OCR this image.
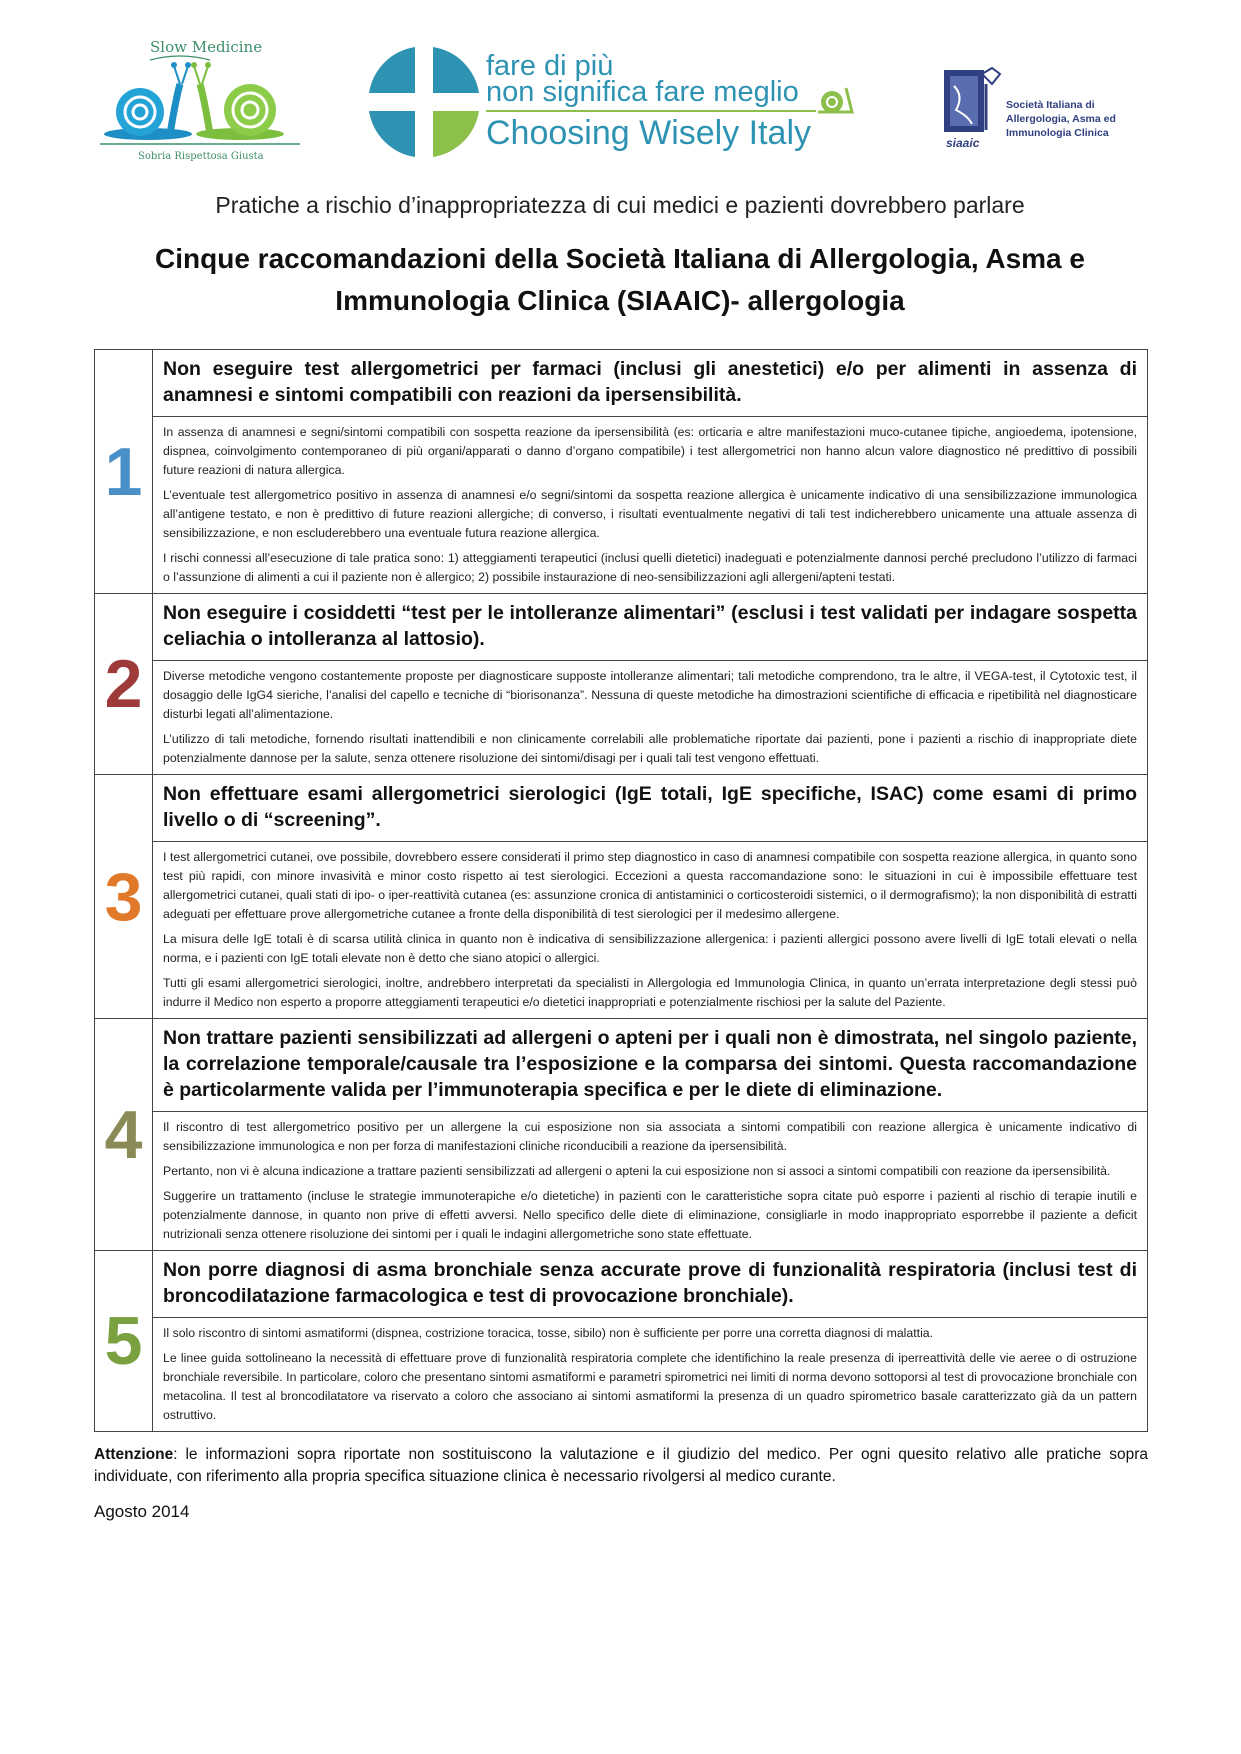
Slow Medicine
Sobria Rispettosa Giusta
fare di più
non significa fare meglio
Choosing Wisely Italy
Società Italiana di Allergologia, Asma ed Immunologia Clinica
siaaic
Pratiche a rischio d’inappropriatezza di cui medici e pazienti dovrebbero parlare
Cinque raccomandazioni della Società Italiana di Allergologia, Asma e Immunologia Clinica (SIAAIC)- allergologia
1
Non eseguire test allergometrici per farmaci (inclusi gli anestetici) e/o per alimenti in assenza di anamnesi e sintomi compatibili con reazioni da ipersensibilità.

In assenza di anamnesi e segni/sintomi compatibili con sospetta reazione da ipersensibilità (es: orticaria e altre manifestazioni muco-cutanee tipiche, angioedema, ipotensione, dispnea, coinvolgimento contemporaneo di più organi/apparati o danno d’organo compatibile) i test allergometrici non hanno alcun valore diagnostico né predittivo di possibili future reazioni di natura allergica.

L’eventuale test allergometrico positivo in assenza di anamnesi e/o segni/sintomi da sospetta reazione allergica è unicamente indicativo di una sensibilizzazione immunologica all’antigene testato, e non è predittivo di future reazioni allergiche; di converso, i risultati eventualmente negativi di tali test indicherebbero unicamente una attuale assenza di sensibilizzazione, e non escluderebbero una eventuale futura reazione allergica.

I rischi connessi all’esecuzione di tale pratica sono: 1) atteggiamenti terapeutici (inclusi quelli dietetici) inadeguati e potenzialmente dannosi perché precludono l’utilizzo di farmaci o l’assunzione di alimenti a cui il paziente non è allergico; 2) possibile instaurazione di neo-sensibilizzazioni agli allergeni/apteni testati.

2
Non eseguire i cosiddetti “test per le intolleranze alimentari” (esclusi i test validati per indagare sospetta celiachia o intolleranza al lattosio).

Diverse metodiche vengono costantemente proposte per diagnosticare supposte intolleranze alimentari; tali metodiche comprendono, tra le altre, il VEGA-test, il Cytotoxic test, il dosaggio delle IgG4 sieriche, l’analisi del capello e tecniche di “biorisonanza”. Nessuna di queste metodiche ha dimostrazioni scientifiche di efficacia e ripetibilità nel diagnosticare disturbi legati all’alimentazione.

L’utilizzo di tali metodiche, fornendo risultati inattendibili e non clinicamente correlabili alle problematiche riportate dai pazienti, pone i pazienti a rischio di inappropriate diete potenzialmente dannose per la salute, senza ottenere risoluzione dei sintomi/disagi per i quali tali test vengono effettuati.

3
Non effettuare esami allergometrici sierologici (IgE totali, IgE specifiche, ISAC) come esami di primo livello o di “screening”.

I test allergometrici cutanei, ove possibile, dovrebbero essere considerati il primo step diagnostico in caso di anamnesi compatibile con sospetta reazione allergica, in quanto sono test più rapidi, con minore invasività e minor costo rispetto ai test sierologici. Eccezioni a questa raccomandazione sono: le situazioni in cui è impossibile effettuare test allergometrici cutanei, quali stati di ipo- o iper-reattività cutanea (es: assunzione cronica di antistaminici o corticosteroidi sistemici, o il dermografismo); la non disponibilità di estratti adeguati per effettuare prove allergometriche cutanee a fronte della disponibilità di test sierologici per il medesimo allergene.

La misura delle IgE totali è di scarsa utilità clinica in quanto non è indicativa di sensibilizzazione allergenica: i pazienti allergici possono avere livelli di IgE totali elevati o nella norma, e i pazienti con IgE totali elevate non è detto che siano atopici o allergici.

Tutti gli esami allergometrici sierologici, inoltre, andrebbero interpretati da specialisti in Allergologia ed Immunologia Clinica, in quanto un’errata interpretazione degli stessi può indurre il Medico non esperto a proporre atteggiamenti terapeutici e/o dietetici inappropriati e potenzialmente rischiosi per la salute del Paziente.

4
Non trattare pazienti sensibilizzati ad allergeni o apteni per i quali non è dimostrata, nel singolo paziente, la correlazione temporale/causale tra l’esposizione e la comparsa dei sintomi. Questa raccomandazione è particolarmente valida per l’immunoterapia specifica e per le diete di eliminazione.

Il riscontro di test allergometrico positivo per un allergene la cui esposizione non sia associata a sintomi compatibili con reazione allergica è unicamente indicativo di sensibilizzazione immunologica e non per forza di manifestazioni cliniche riconducibili a reazione da ipersensibilità.

Pertanto, non vi è alcuna indicazione a trattare pazienti sensibilizzati ad allergeni o apteni la cui esposizione non si associ a sintomi compatibili con reazione da ipersensibilità.

Suggerire un trattamento (incluse le strategie immunoterapiche e/o dietetiche) in pazienti con le caratteristiche sopra citate può esporre i pazienti al rischio di terapie inutili e potenzialmente dannose, in quanto non prive di effetti avversi. Nello specifico delle diete di eliminazione, consigliarle in modo inappropriato esporrebbe il paziente a deficit nutrizionali senza ottenere risoluzione dei sintomi per i quali le indagini allergometriche sono state effettuate.

5
Non porre diagnosi di asma bronchiale senza accurate prove di funzionalità respiratoria (inclusi test di broncodilatazione farmacologica e test di provocazione bronchiale).

Il solo riscontro di sintomi asmatiformi (dispnea, costrizione toracica, tosse, sibilo) non è sufficiente per porre una corretta diagnosi di malattia.

Le linee guida sottolineano la necessità di effettuare prove di funzionalità respiratoria complete che identifichino la reale presenza di iperreattività delle vie aeree o di ostruzione bronchiale reversibile. In particolare, coloro che presentano sintomi asmatiformi e parametri spirometrici nei limiti di norma devono sottoporsi al test di provocazione bronchiale con metacolina. Il test al broncodilatatore va riservato a coloro che associano ai sintomi asmatiformi la presenza di un quadro spirometrico basale caratterizzato già da un pattern ostruttivo.

Attenzione: le informazioni sopra riportate non sostituiscono la valutazione e il giudizio del medico. Per ogni quesito relativo alle pratiche sopra individuate, con riferimento alla propria specifica situazione clinica è necessario rivolgersi al medico curante.
Agosto 2014
